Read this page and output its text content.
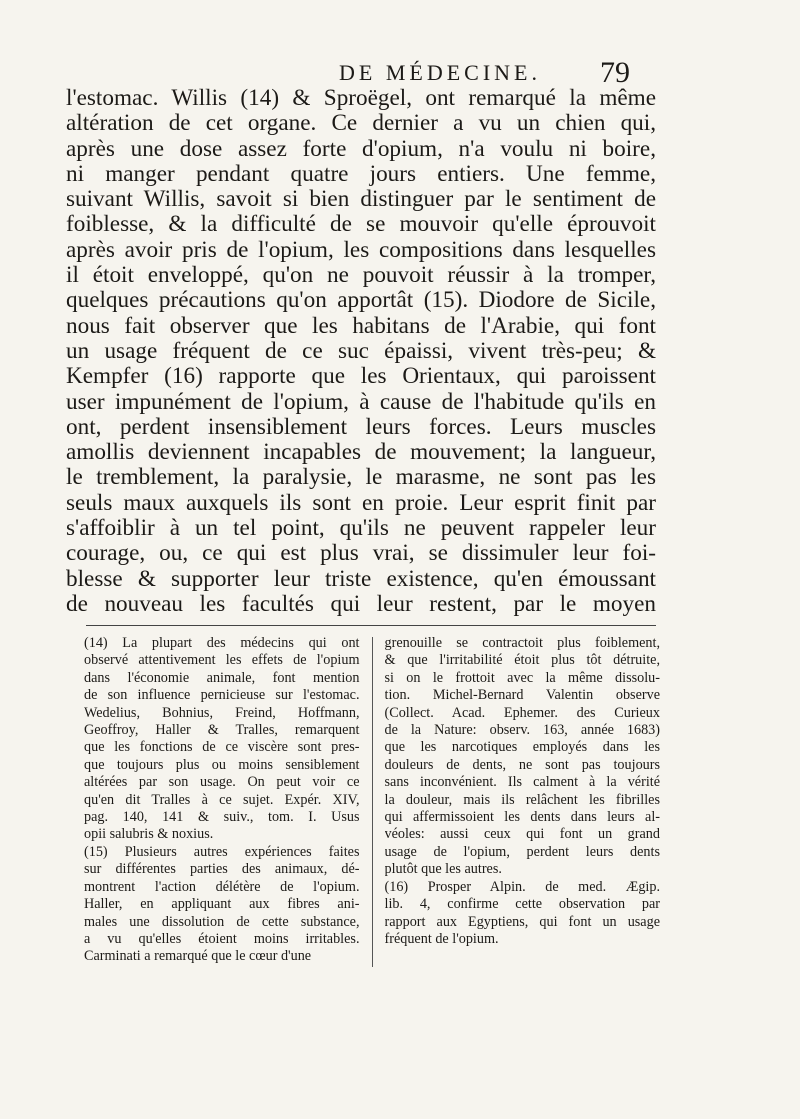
DE MÉDECINE.	79
l'estomac. Willis (14) & Sproëgel, ont remarqué la même
altération de cet organe. Ce dernier a vu un chien qui,
après une dose assez forte d'opium, n'a voulu ni boire,
ni manger pendant quatre jours entiers. Une femme,
suivant Willis, savoit si bien distinguer par le sentiment de
foiblesse, & la difficulté de se mouvoir qu'elle éprouvoit
après avoir pris de l'opium, les compositions dans lesquelles
il étoit enveloppé, qu'on ne pouvoit réussir à la tromper,
quelques précautions qu'on apportât (15). Diodore de Sicile,
nous fait observer que les habitans de l'Arabie, qui font
un usage fréquent de ce suc épaissi, vivent très-peu; &
Kempfer (16) rapporte que les Orientaux, qui paroissent
user impunément de l'opium, à cause de l'habitude qu'ils en
ont, perdent insensiblement leurs forces. Leurs muscles
amollis deviennent incapables de mouvement; la langueur,
le tremblement, la paralysie, le marasme, ne sont pas les
seuls maux auxquels ils sont en proie. Leur esprit finit par
s'affoiblir à un tel point, qu'ils ne peuvent rappeler leur
courage, ou, ce qui est plus vrai, se dissimuler leur foi-
blesse & supporter leur triste existence, qu'en émoussant
de nouveau les facultés qui leur restent, par le moyen
(14) La plupart des médecins qui ont
observé attentivement les effets de l'opium
dans l'économie animale, font mention
de son influence pernicieuse sur l'estomac.
Wedelius, Bohnius, Freind, Hoffmann,
Geoffroy, Haller & Tralles, remarquent
que les fonctions de ce viscère sont pres-
que toujours plus ou moins sensiblement
altérées par son usage. On peut voir ce
qu'en dit Tralles à ce sujet. Expér. XIV,
pag. 140, 141 & suiv., tom. I. Usus
opii salubris & noxius.
(15) Plusieurs autres expériences faites
sur différentes parties des animaux, dé-
montrent l'action délétère de l'opium.
Haller, en appliquant aux fibres ani-
males une dissolution de cette substance,
a vu qu'elles étoient moins irritables.
Carminati a remarqué que le cœur d'une
grenouille se contractoit plus foiblement,
& que l'irritabilité étoit plus tôt détruite,
si on le frottoit avec la même dissolu-
tion. Michel-Bernard Valentin observe
(Collect. Acad. Ephemer. des Curieux
de la Nature: observ. 163, année 1683)
que les narcotiques employés dans les
douleurs de dents, ne sont pas toujours
sans inconvénient. Ils calment à la vérité
la douleur, mais ils relâchent les fibrilles
qui affermissoient les dents dans leurs al-
véoles: aussi ceux qui font un grand
usage de l'opium, perdent leurs dents
plutôt que les autres.
(16) Prosper Alpin. de med. Ægip.
lib. 4, confirme cette observation par
rapport aux Egyptiens, qui font un usage
fréquent de l'opium.
